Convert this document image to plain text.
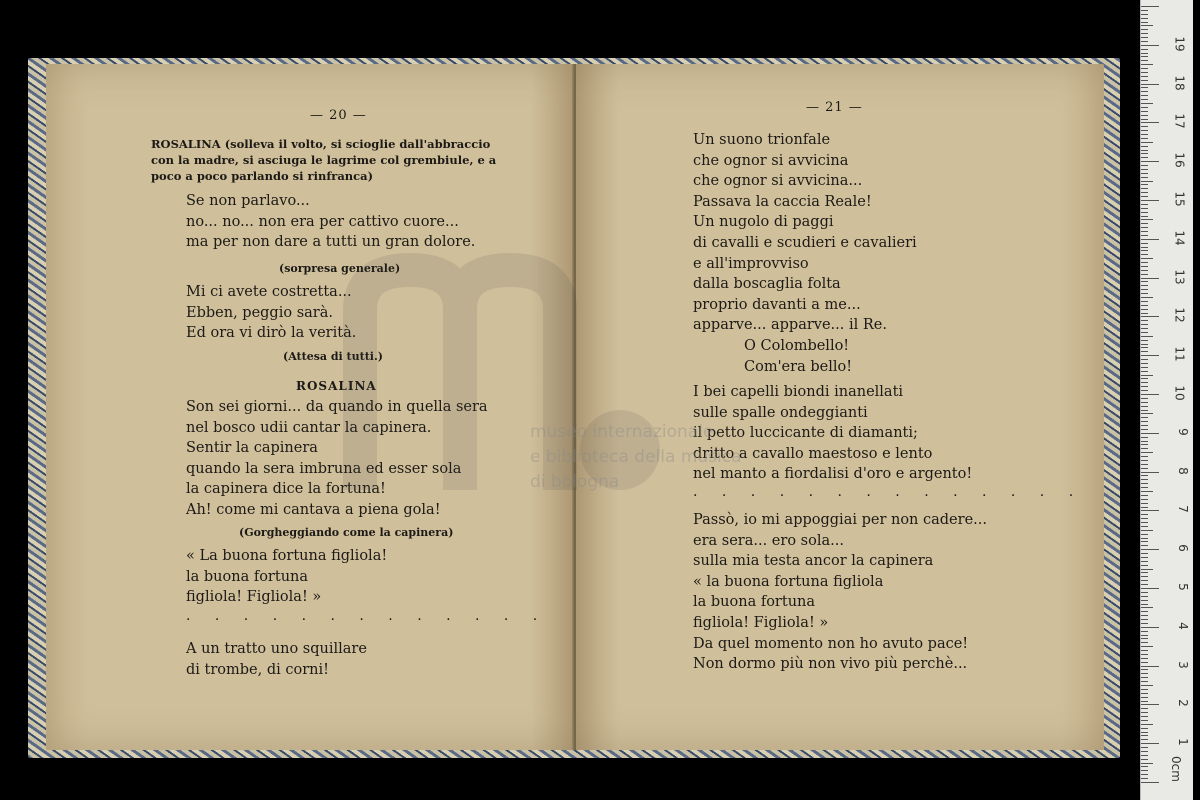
— 20 —
ROSALINA (solleva il volto, si scioglie dall'abbraccio con la madre, si asciuga le lagrime col grembiule, e a poco a poco parlando si rinfranca)
Se non parlavo...
no... no... non era per cattivo cuore...
ma per non dare a tutti un gran dolore.
(sorpresa generale)
Mi ci avete costretta...
Ebben, peggio sarà.
Ed ora vi dirò la verità.
(Attesa di tutti.)
ROSALINA
Son sei giorni... da quando in quella sera
nel bosco udii cantar la capinera.
Sentir la capinera
quando la sera imbruna ed esser sola
la capinera dice la fortuna!
Ah! come mi cantava a piena gola!
(Gorgheggiando come la capinera)
« La buona fortuna figliola!
la buona fortuna
figliola! Figliola! »
. . . . . . . . . . . . .
A un tratto uno squillare
di trombe, di corni!
— 21 —
Un suono trionfale
che ognor si avvicina
che ognor si avvicina...
Passava la caccia Reale!
Un nugolo di paggi
di cavalli e scudieri e cavalieri
e all'improvviso
dalla boscaglia folta
proprio davanti a me...
apparve... apparve... il Re.
O Colombello!
Com'era bello!
I bei capelli biondi inanellati
sulle spalle ondeggianti
il petto luccicante di diamanti;
dritto a cavallo maestoso e lento
nel manto a fiordalisi d'oro e argento!
. . . . . . . . . . . . . .
Passò, io mi appoggiai per non cadere...
era sera... ero sola...
sulla mia testa ancor la capinera
« la buona fortuna figliola
la buona fortuna
figliola! Figliola! »
Da quel momento non ho avuto pace!
Non dormo più non vivo più perchè...
museo internazionale
e biblioteca della musica
di bologna
0cm
1
2
3
4
5
6
7
8
9
10
11
12
13
14
15
16
17
18
19
